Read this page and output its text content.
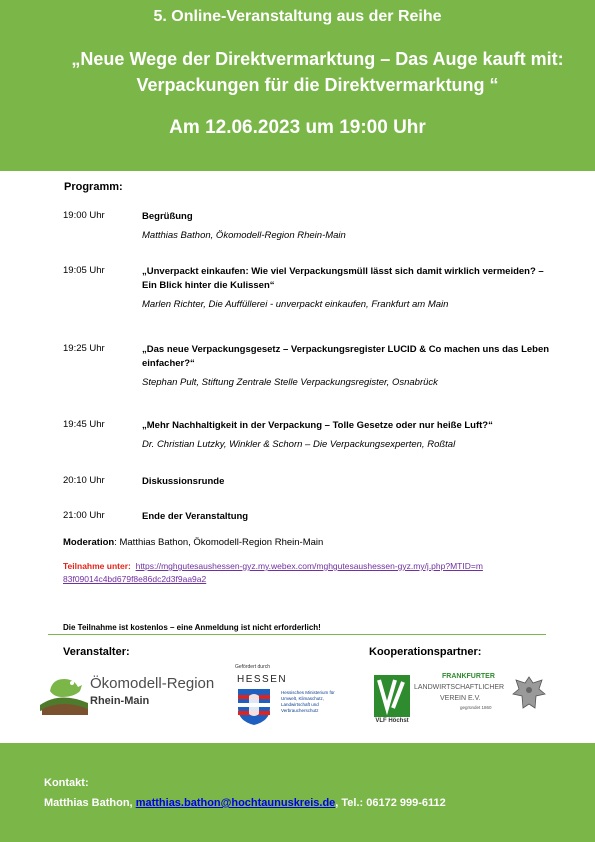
5. Online-Veranstaltung aus der Reihe
„Neue Wege der Direktvermarktung – Das Auge kauft mit: Verpackungen für die Direktvermarktung “
Am 12.06.2023 um 19:00 Uhr
Programm:
19:00 Uhr	Begrüßung
Matthias Bathon, Ökomodell-Region Rhein-Main
19:05 Uhr	„Unverpackt einkaufen: Wie viel Verpackungsmüll lässt sich damit wirklich vermeiden? – Ein Blick hinter die Kulissen“
Marlen Richter, Die Auffüllerei - unverpackt einkaufen, Frankfurt am Main
19:25 Uhr	„Das neue Verpackungsgesetz – Verpackungsregister LUCID & Co machen uns das Leben einfacher?“
Stephan Pult, Stiftung Zentrale Stelle Verpackungsregister, Osnabrück
19:45 Uhr	„Mehr Nachhaltigkeit in der Verpackung – Tolle Gesetze oder nur heiße Luft?“
Dr. Christian Lutzky, Winkler & Schorn – Die Verpackungsexperten, Roßtal
20:10 Uhr	Diskussionsrunde
21:00 Uhr	Ende der Veranstaltung
Moderation: Matthias Bathon, Ökomodell-Region Rhein-Main
Teilnahme unter: https://mghgutesaushessen-gyz.my.webex.com/mghgutesaushessen-gyz.my/j.php?MTID=m83f09014c4bd679f8e86dc2d3f9aa9a2
Die Teilnahme ist kostenlos – eine Anmeldung ist nicht erforderlich!
Veranstalter:	Kooperationspartner:
Ökomodell-Region
Rhein-Main
Gefördert durch
HESSEN
Hessisches Ministerium für Umwelt, Klimaschutz, Landwirtschaft und Verbraucherschutz
VLF Höchst
FRANKFURTER
LANDWIRTSCHAFTLICHER
VEREIN E.V.
gegründet 1860
Kontakt:
Matthias Bathon, matthias.bathon@hochtaunuskreis.de, Tel.: 06172 999-6112
